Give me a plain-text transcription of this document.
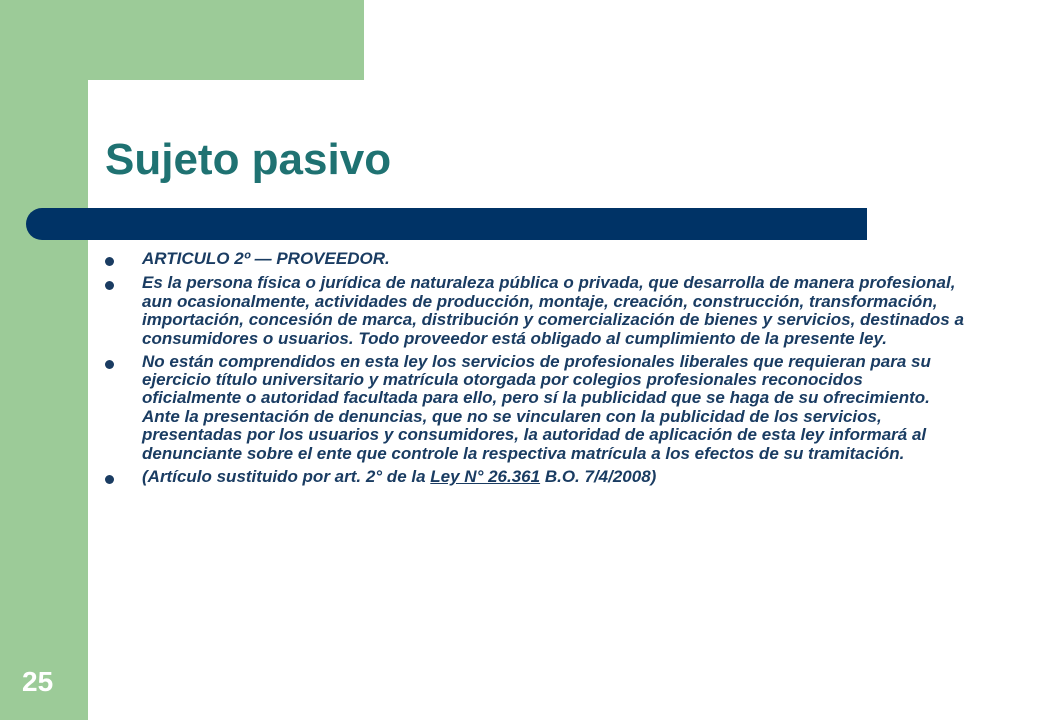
Sujeto pasivo
ARTICULO 2º — PROVEEDOR.
Es la persona física o jurídica de naturaleza pública o privada, que desarrolla de manera profesional, aun ocasionalmente, actividades de producción, montaje, creación, construcción, transformación, importación, concesión de marca, distribución y comercialización de bienes y servicios, destinados a consumidores o usuarios. Todo proveedor está obligado al cumplimiento de la presente ley.
No están comprendidos en esta ley los servicios de profesionales liberales que requieran para su ejercicio título universitario y matrícula otorgada por colegios profesionales reconocidos oficialmente o autoridad facultada para ello, pero sí la publicidad que se haga de su ofrecimiento. Ante la presentación de denuncias, que no se vincularen con la publicidad de los servicios, presentadas por los usuarios y consumidores, la autoridad de aplicación de esta ley informará al denunciante sobre el ente que controle la respectiva matrícula a los efectos de su tramitación.
(Artículo sustituido por art. 2° de la Ley N° 26.361 B.O. 7/4/2008)
25
